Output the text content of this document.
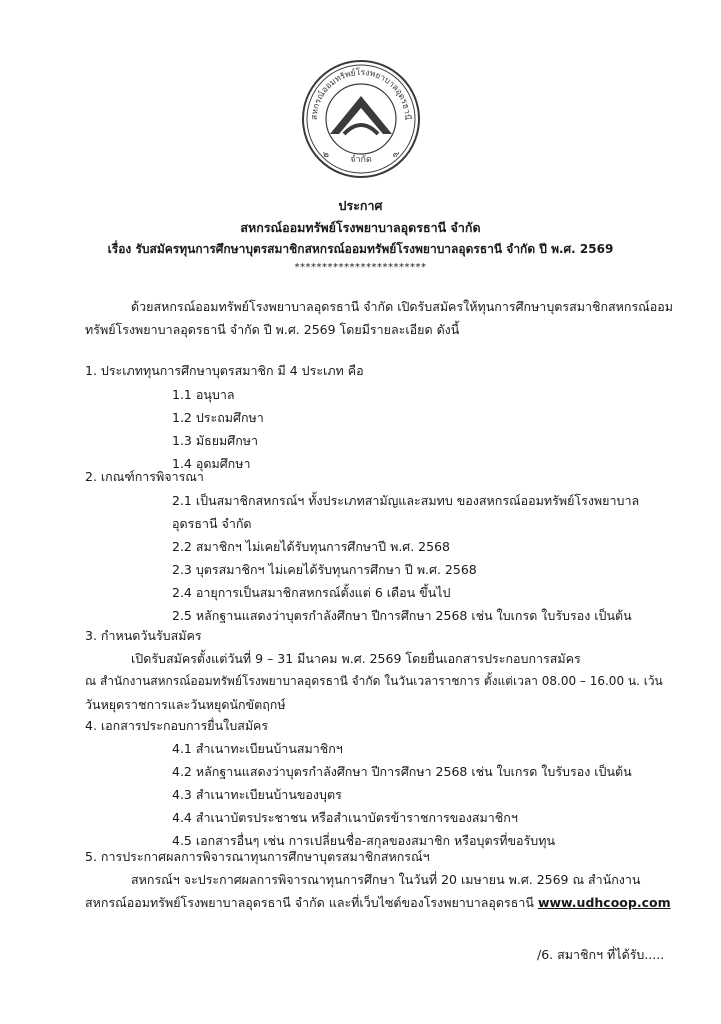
สหกรณ์ออมทรัพย์โรงพยาบาลอุดรธานี
จำกัด
๒	๙
ประกาศ
สหกรณ์ออมทรัพย์โรงพยาบาลอุดรธานี จำกัด
เรื่อง รับสมัครทุนการศึกษาบุตรสมาชิกสหกรณ์ออมทรัพย์โรงพยาบาลอุดรธานี จำกัด ปี พ.ศ. 2569
************************
ด้วยสหกรณ์ออมทรัพย์โรงพยาบาลอุดรธานี จำกัด เปิดรับสมัครให้ทุนการศึกษาบุตรสมาชิกสหกรณ์ออม
ทรัพย์โรงพยาบาลอุดรธานี จำกัด ปี พ.ศ. 2569 โดยมีรายละเอียด ดังนี้
1. ประเภททุนการศึกษาบุตรสมาชิก มี 4 ประเภท คือ
1.1 อนุบาล
1.2 ประถมศึกษา
1.3 มัธยมศึกษา
1.4 อุดมศึกษา
2. เกณฑ์การพิจารณา
2.1 เป็นสมาชิกสหกรณ์ฯ ทั้งประเภทสามัญและสมทบ ของสหกรณ์ออมทรัพย์โรงพยาบาล
อุดรธานี จำกัด
2.2 สมาชิกฯ ไม่เคยได้รับทุนการศึกษาปี พ.ศ. 2568
2.3 บุตรสมาชิกฯ ไม่เคยได้รับทุนการศึกษา ปี พ.ศ. 2568
2.4 อายุการเป็นสมาชิกสหกรณ์ตั้งแต่ 6 เดือน ขึ้นไป
2.5 หลักฐานแสดงว่าบุตรกำลังศึกษา ปีการศึกษา 2568 เช่น ใบเกรด ใบรับรอง เป็นต้น
3. กำหนดวันรับสมัคร
เปิดรับสมัครตั้งแต่วันที่ 9 – 31 มีนาคม พ.ศ. 2569 โดยยื่นเอกสารประกอบการสมัคร
ณ สำนักงานสหกรณ์ออมทรัพย์โรงพยาบาลอุดรธานี จำกัด ในวันเวลาราชการ ตั้งแต่เวลา 08.00 – 16.00 น. เว้น
วันหยุดราชการและวันหยุดนักขัตฤกษ์
4. เอกสารประกอบการยื่นใบสมัคร
4.1 สำเนาทะเบียนบ้านสมาชิกฯ
4.2 หลักฐานแสดงว่าบุตรกำลังศึกษา ปีการศึกษา 2568 เช่น ใบเกรด ใบรับรอง เป็นต้น
4.3 สำเนาทะเบียนบ้านของบุตร
4.4 สำเนาบัตรประชาชน หรือสำเนาบัตรข้าราชการของสมาชิกฯ
4.5 เอกสารอื่นๆ เช่น การเปลี่ยนชื่อ-สกุลของสมาชิก หรือบุตรที่ขอรับทุน
5. การประกาศผลการพิจารณาทุนการศึกษาบุตรสมาชิกสหกรณ์ฯ
สหกรณ์ฯ จะประกาศผลการพิจารณาทุนการศึกษา ในวันที่ 20 เมษายน พ.ศ. 2569 ณ สำนักงาน
สหกรณ์ออมทรัพย์โรงพยาบาลอุดรธานี จำกัด และที่เว็บไซต์ของโรงพยาบาลอุดรธานี www.udhcoop.com
/6. สมาชิกฯ ที่ได้รับ.....
